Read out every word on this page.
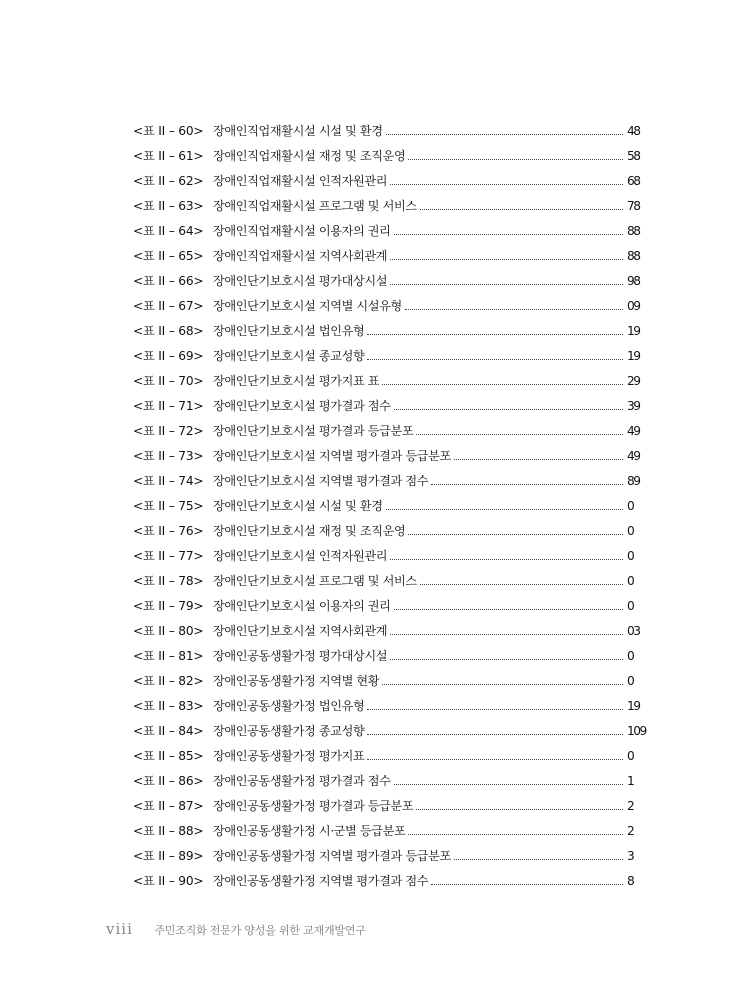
<표 II – 60> 장애인직업재활시설 시설 및 환경	48
<표 II – 61> 장애인직업재활시설 재정 및 조직운영	58
<표 II – 62> 장애인직업재활시설 인적자원관리	68
<표 II – 63> 장애인직업재활시설 프로그램 및 서비스	78
<표 II – 64> 장애인직업재활시설 이용자의 권리	88
<표 II – 65> 장애인직업재활시설 지역사회관계	88
<표 II – 66> 장애인단기보호시설 평가대상시설	98
<표 II – 67> 장애인단기보호시설 지역별 시설유형	09
<표 II – 68> 장애인단기보호시설 법인유형	19
<표 II – 69> 장애인단기보호시설 종교성향	19
<표 II – 70> 장애인단기보호시설 평가지표 표	29
<표 II – 71> 장애인단기보호시설 평가결과 점수	39
<표 II – 72> 장애인단기보호시설 평가결과 등급분포	49
<표 II – 73> 장애인단기보호시설 지역별 평가결과 등급분포	49
<표 II – 74> 장애인단기보호시설 지역별 평가결과 점수	89
<표 II – 75> 장애인단기보호시설 시설 및 환경	0
<표 II – 76> 장애인단기보호시설 재정 및 조직운영	0
<표 II – 77> 장애인단기보호시설 인적자원관리	0
<표 II – 78> 장애인단기보호시설 프로그램 및 서비스	0
<표 II – 79> 장애인단기보호시설 이용자의 권리	0
<표 II – 80> 장애인단기보호시설 지역사회관계	03
<표 II – 81> 장애인공동생활가정 평가대상시설	0
<표 II – 82> 장애인공동생활가정 지역별 현황	0
<표 II – 83> 장애인공동생활가정 법인유형	19
<표 II – 84> 장애인공동생활가정 종교성향	109
<표 II – 85> 장애인공동생활가정 평가지표	0
<표 II – 86> 장애인공동생활가정 평가결과 점수	1
<표 II – 87> 장애인공동생활가정 평가결과 등급분포	2
<표 II – 88> 장애인공동생활가정 시·군별 등급분포	2
<표 II – 89> 장애인공동생활가정 지역별 평가결과 등급분포	3
<표 II – 90> 장애인공동생활가정 지역별 평가결과 점수	8
viii 주민조직화 전문가 양성을 위한 교재개발연구
